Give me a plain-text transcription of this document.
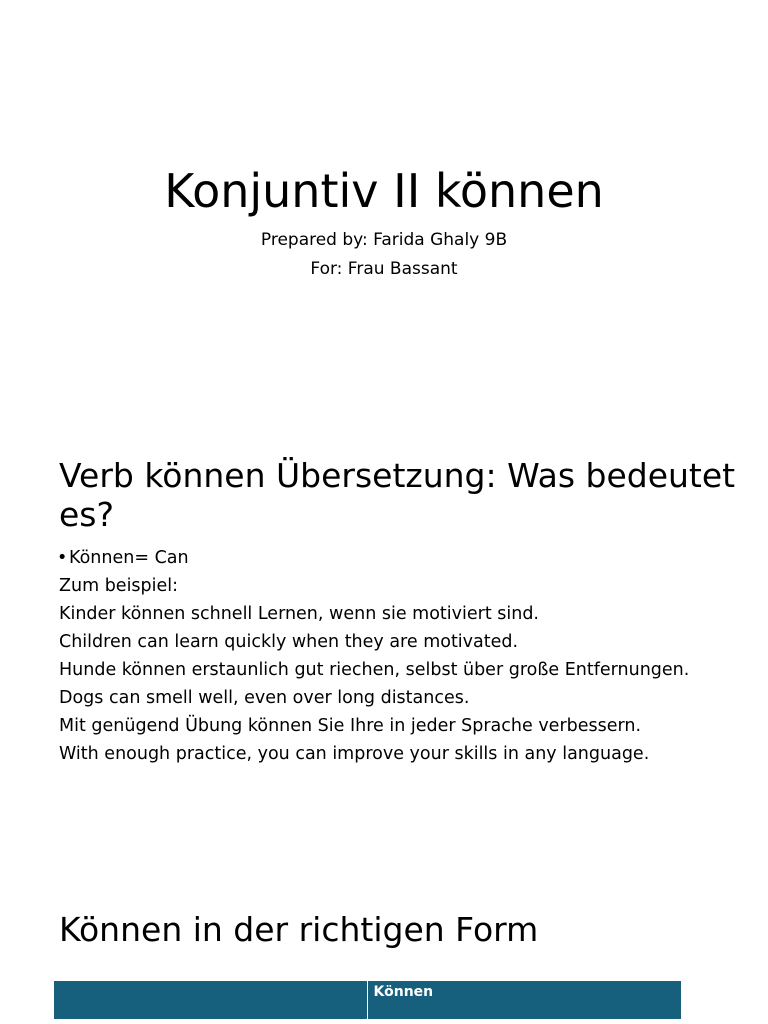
Konjuntiv II können

Prepared by: Farida Ghaly 9B

For: Frau Bassant

Verb können Übersetzung: Was bedeutet es?
• Können= Can
Zum beispiel:
Kinder können schnell Lernen, wenn sie motiviert sind.
Children can learn quickly when they are motivated.
Hunde können erstaunlich gut riechen, selbst über große Entfernungen.
Dogs can smell well, even over long distances.
Mit genügend Übung können Sie Ihre in jeder Sprache verbessern.
With enough practice, you can improve your skills in any language.
Können in der richtigen Form
	Können
